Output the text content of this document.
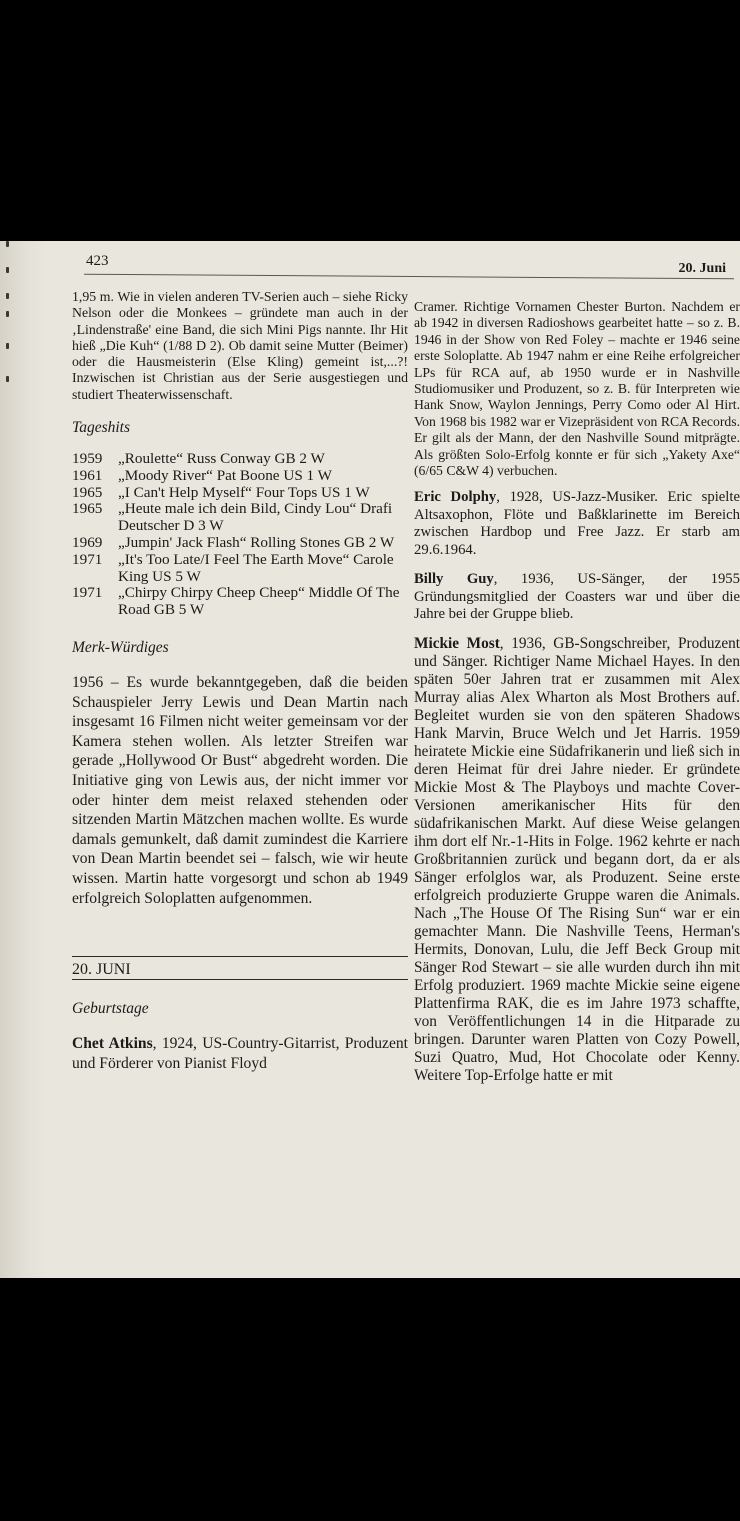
423	20. Juni

1,95 m. Wie in vielen anderen TV-Serien auch – siehe Ricky Nelson oder die Monkees – gründete man auch in der ‚Lindenstraße' eine Band, die sich Mini Pigs nannte. Ihr Hit hieß „Die Kuh“ (1/88 D 2). Ob damit seine Mutter (Beimer) oder die Hausmeisterin (Else Kling) gemeint ist,...?! Inzwischen ist Christian aus der Serie ausgestiegen und studiert Theaterwissenschaft.

Tageshits

1959	„Roulette“ Russ Conway GB 2 W
1961	„Moody River“ Pat Boone US 1 W
1965	„I Can't Help Myself“ Four Tops US 1 W
1965	„Heute male ich dein Bild, Cindy Lou“ Drafi Deutscher D 3 W
1969	„Jumpin' Jack Flash“ Rolling Stones GB 2 W
1971	„It's Too Late/I Feel The Earth Move“ Carole King US 5 W
1971	„Chirpy Chirpy Cheep Cheep“ Middle Of The Road GB 5 W

Merk-Würdiges

1956 – Es wurde bekanntgegeben, daß die beiden Schauspieler Jerry Lewis und Dean Martin nach insgesamt 16 Filmen nicht weiter gemeinsam vor der Kamera stehen wollen. Als letzter Streifen war gerade „Hollywood Or Bust“ abgedreht worden. Die Initiative ging von Lewis aus, der nicht immer vor oder hinter dem meist relaxed stehenden oder sitzenden Martin Mätzchen machen wollte. Es wurde damals gemunkelt, daß damit zumindest die Karriere von Dean Martin beendet sei – falsch, wie wir heute wissen. Martin hatte vorgesorgt und schon ab 1949 erfolgreich Soloplatten aufgenommen.

20. JUNI

Geburtstage

Chet Atkins, 1924, US-Country-Gitarrist, Produzent und Förderer von Pianist Floyd

Cramer. Richtige Vornamen Chester Burton. Nachdem er ab 1942 in diversen Radioshows gearbeitet hatte – so z. B. 1946 in der Show von Red Foley – machte er 1946 seine erste Soloplatte. Ab 1947 nahm er eine Reihe erfolgreicher LPs für RCA auf, ab 1950 wurde er in Nashville Studiomusiker und Produzent, so z. B. für Interpreten wie Hank Snow, Waylon Jennings, Perry Como oder Al Hirt. Von 1968 bis 1982 war er Vizepräsident von RCA Records. Er gilt als der Mann, der den Nashville Sound mitprägte. Als größten Solo-Erfolg konnte er für sich „Yakety Axe“ (6/65 C&W 4) verbuchen.

Eric Dolphy, 1928, US-Jazz-Musiker. Eric spielte Altsaxophon, Flöte und Baßklarinette im Bereich zwischen Hardbop und Free Jazz. Er starb am 29.6.1964.

Billy Guy, 1936, US-Sänger, der 1955 Gründungsmitglied der Coasters war und über die Jahre bei der Gruppe blieb.

Mickie Most, 1936, GB-Songschreiber, Produzent und Sänger. Richtiger Name Michael Hayes. In den späten 50er Jahren trat er zusammen mit Alex Murray alias Alex Wharton als Most Brothers auf. Begleitet wurden sie von den späteren Shadows Hank Marvin, Bruce Welch und Jet Harris. 1959 heiratete Mickie eine Südafrikanerin und ließ sich in deren Heimat für drei Jahre nieder. Er gründete Mickie Most & The Playboys und machte Cover-Versionen amerikanischer Hits für den südafrikanischen Markt. Auf diese Weise gelangen ihm dort elf Nr.-1-Hits in Folge. 1962 kehrte er nach Großbritannien zurück und begann dort, da er als Sänger erfolglos war, als Produzent. Seine erste erfolgreich produzierte Gruppe waren die Animals. Nach „The House Of The Rising Sun“ war er ein gemachter Mann. Die Nashville Teens, Herman's Hermits, Donovan, Lulu, die Jeff Beck Group mit Sänger Rod Stewart – sie alle wurden durch ihn mit Erfolg produziert. 1969 machte Mickie seine eigene Plattenfirma RAK, die es im Jahre 1973 schaffte, von Veröffentlichungen 14 in die Hitparade zu bringen. Darunter waren Platten von Cozy Powell, Suzi Quatro, Mud, Hot Chocolate oder Kenny. Weitere Top-Erfolge hatte er mit
